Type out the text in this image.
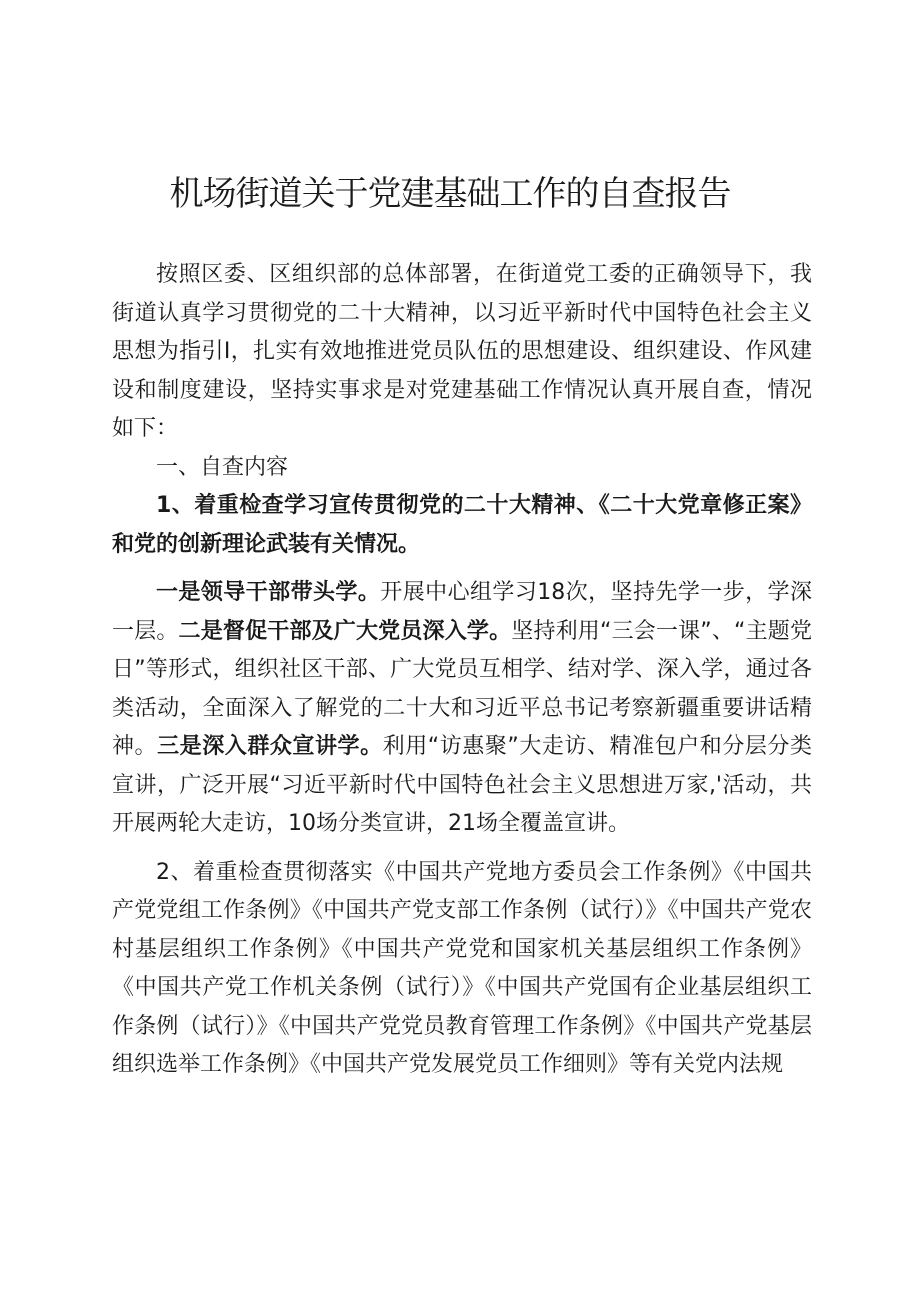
机场街道关于党建基础工作的自查报告

按照区委、区组织部的总体部署，在街道党工委的正确领导下，我街道认真学习贯彻党的二十大精神，以习近平新时代中国特色社会主义思想为指引I，扎实有效地推进党员队伍的思想建设、组织建设、作风建设和制度建设，坚持实事求是对党建基础工作情况认真开展自查，情况如下：

一、自查内容

1、着重检查学习宣传贯彻党的二十大精神、《二十大党章修正案》和党的创新理论武装有关情况。

一是领导干部带头学。开展中心组学习18次，坚持先学一步，学深一层。二是督促干部及广大党员深入学。坚持利用“三会一课”、“主题党日”等形式，组织社区干部、广大党员互相学、结对学、深入学，通过各类活动，全面深入了解党的二十大和习近平总书记考察新疆重要讲话精神。三是深入群众宣讲学。利用“访惠聚”大走访、精准包户和分层分类宣讲，广泛开展“习近平新时代中国特色社会主义思想进万家,'活动，共开展两轮大走访，10场分类宣讲，21场全覆盖宣讲。

2、着重检查贯彻落实《中国共产党地方委员会工作条例》《中国共产党党组工作条例》《中国共产党支部工作条例（试行）》《中国共产党农村基层组织工作条例》《中国共产党党和国家机关基层组织工作条例》《中国共产党工作机关条例（试行）》《中国共产党国有企业基层组织工作条例（试行）》《中国共产党党员教育管理工作条例》《中国共产党基层组织选举工作条例》《中国共产党发展党员工作细则》等有关党内法规
